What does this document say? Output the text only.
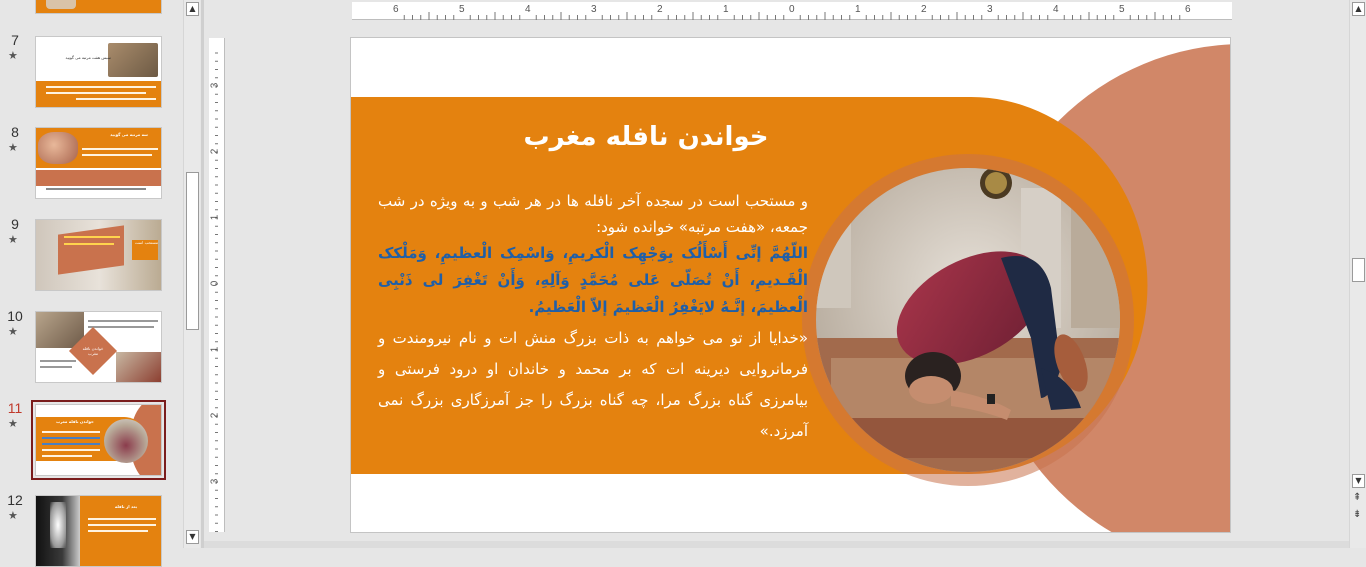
7
★	سبس هفت مرتبه می گویید
8
★
سه مرتبه می گویید
9
★	مستحب است
10
★
خواندن نافله مغرب
11
★	خواندن نافله مغرب
12
★
بعد از نافله
▲
▼
6	5	4	3	2	1	0	1	2	3	4	5	6
3
2
1
0
1
2
3
خواندن نافله مغرب
و مستحب است در سجده آخر نافله ها در هر شب و به ویژه در شب جمعه، «هفت مرتبه» خوانده شود:
اللّهُمَّ إنِّی أَسْأَلُک بِوَجْهِک الْکریمِ، وَاسْمِک الْعظیمِ، وَمَلْکک الْقَـدیمِ، أَنْ تُصَلّی عَلی مُحَمَّدٍ وَآلِهِ، وَأَنْ تَغْفِرَ لی ذَنْبِی الْعظیمَ، إنَّـهُ لایَغْفِرُ الْعَظیمَ إلاّ الْعَظیمُ.
«خدایا از تو می خواهم به ذات بزرگ منش ات و نام نیرومندت و فرمانروایی دیرینه ات که بر محمد و خاندان او درود فرستی و بیامرزی گناه بزرگ مرا، چه گناه بزرگ را جز آمرزگاری بزرگ نمی آمرزد.»
▲
▼
⇞
⇟
